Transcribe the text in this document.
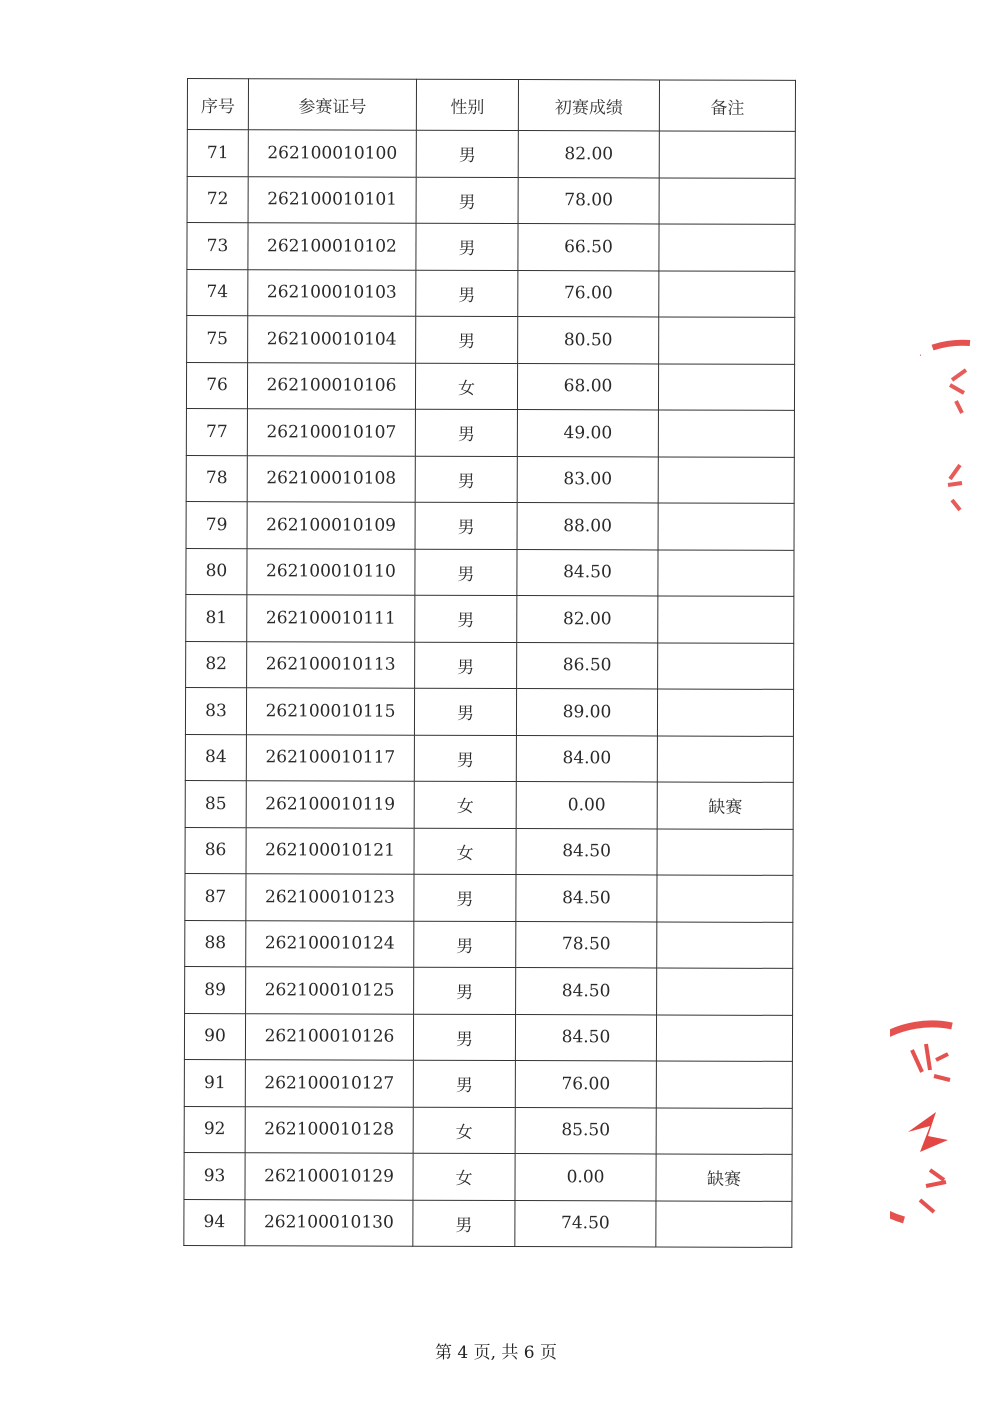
序号	参赛证号	性别	初赛成绩	备注
71	262100010100	男	82.00	
72	262100010101	男	78.00	
73	262100010102	男	66.50	
74	262100010103	男	76.00	
75	262100010104	男	80.50	
76	262100010106	女	68.00	
77	262100010107	男	49.00	
78	262100010108	男	83.00	
79	262100010109	男	88.00	
80	262100010110	男	84.50	
81	262100010111	男	82.00	
82	262100010113	男	86.50	
83	262100010115	男	89.00	
84	262100010117	男	84.00	
85	262100010119	女	0.00	缺赛
86	262100010121	女	84.50	
87	262100010123	男	84.50	
88	262100010124	男	78.50	
89	262100010125	男	84.50	
90	262100010126	男	84.50	
91	262100010127	男	76.00	
92	262100010128	女	85.50	
93	262100010129	女	0.00	缺赛
94	262100010130	男	74.50	
第 4 页, 共 6 页
